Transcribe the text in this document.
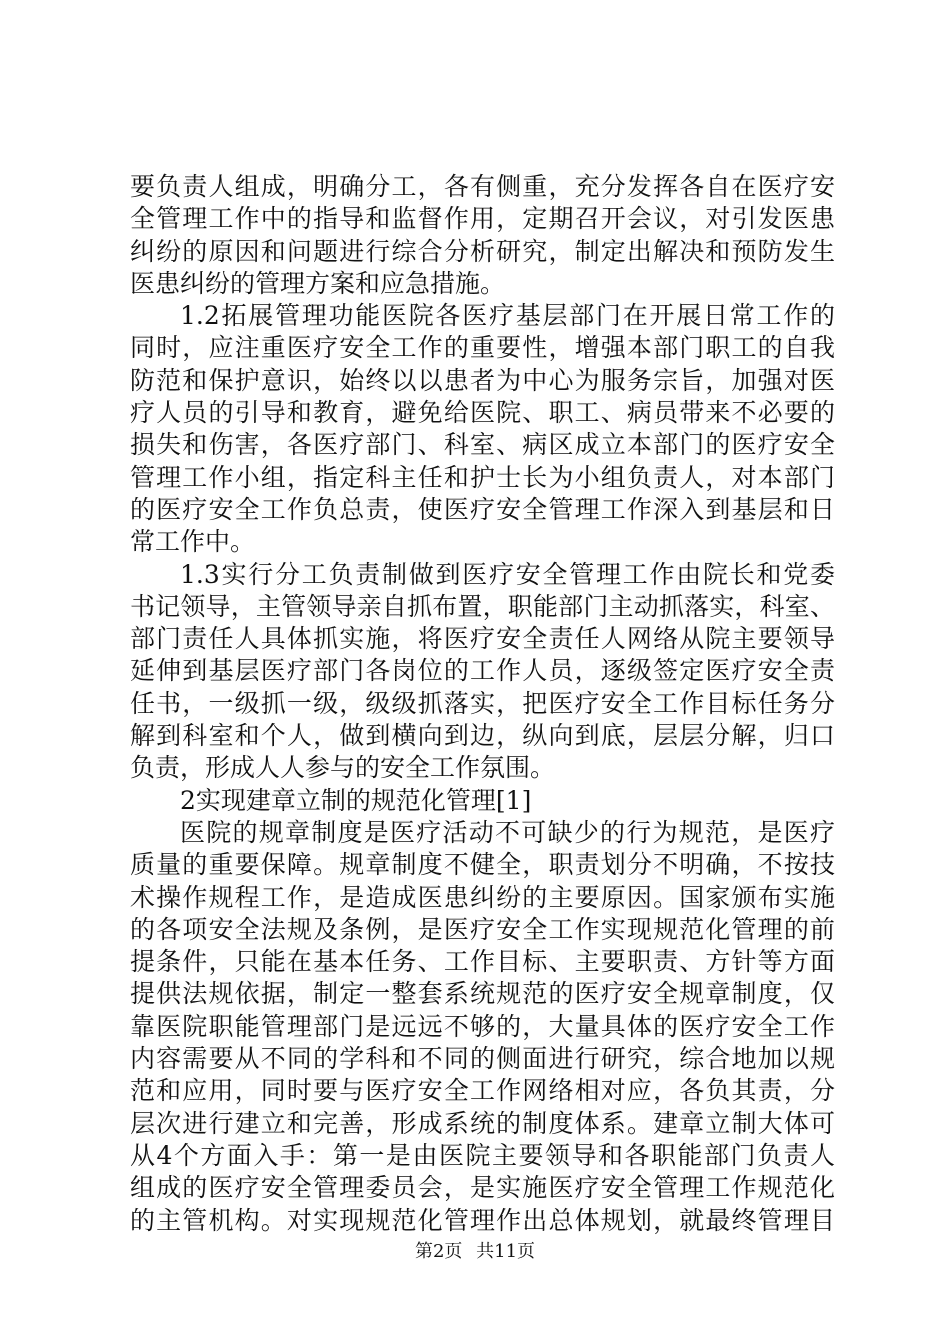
要负责人组成，明确分工，各有侧重，充分发挥各自在医疗安
全管理工作中的指导和监督作用，定期召开会议，对引发医患
纠纷的原因和问题进行综合分析研究，制定出解决和预防发生
医患纠纷的管理方案和应急措施。
1.2拓展管理功能医院各医疗基层部门在开展日常工作的
同时，应注重医疗安全工作的重要性，增强本部门职工的自我
防范和保护意识，始终以以患者为中心为服务宗旨，加强对医
疗人员的引导和教育，避免给医院、职工、病员带来不必要的
损失和伤害，各医疗部门、科室、病区成立本部门的医疗安全
管理工作小组，指定科主任和护士长为小组负责人，对本部门
的医疗安全工作负总责，使医疗安全管理工作深入到基层和日
常工作中。
1.3实行分工负责制做到医疗安全管理工作由院长和党委
书记领导，主管领导亲自抓布置，职能部门主动抓落实，科室、
部门责任人具体抓实施，将医疗安全责任人网络从院主要领导
延伸到基层医疗部门各岗位的工作人员，逐级签定医疗安全责
任书，一级抓一级，级级抓落实，把医疗安全工作目标任务分
解到科室和个人，做到横向到边，纵向到底，层层分解，归口
负责，形成人人参与的安全工作氛围。
2实现建章立制的规范化管理[1]
医院的规章制度是医疗活动不可缺少的行为规范，是医疗
质量的重要保障。规章制度不健全，职责划分不明确，不按技
术操作规程工作，是造成医患纠纷的主要原因。国家颁布实施
的各项安全法规及条例，是医疗安全工作实现规范化管理的前
提条件，只能在基本任务、工作目标、主要职责、方针等方面
提供法规依据，制定一整套系统规范的医疗安全规章制度，仅
靠医院职能管理部门是远远不够的，大量具体的医疗安全工作
内容需要从不同的学科和不同的侧面进行研究，综合地加以规
范和应用，同时要与医疗安全工作网络相对应，各负其责，分
层次进行建立和完善，形成系统的制度体系。建章立制大体可
从4个方面入手：第一是由医院主要领导和各职能部门负责人
组成的医疗安全管理委员会，是实施医疗安全管理工作规范化
的主管机构。对实现规范化管理作出总体规划，就最终管理目
第2页 共11页
